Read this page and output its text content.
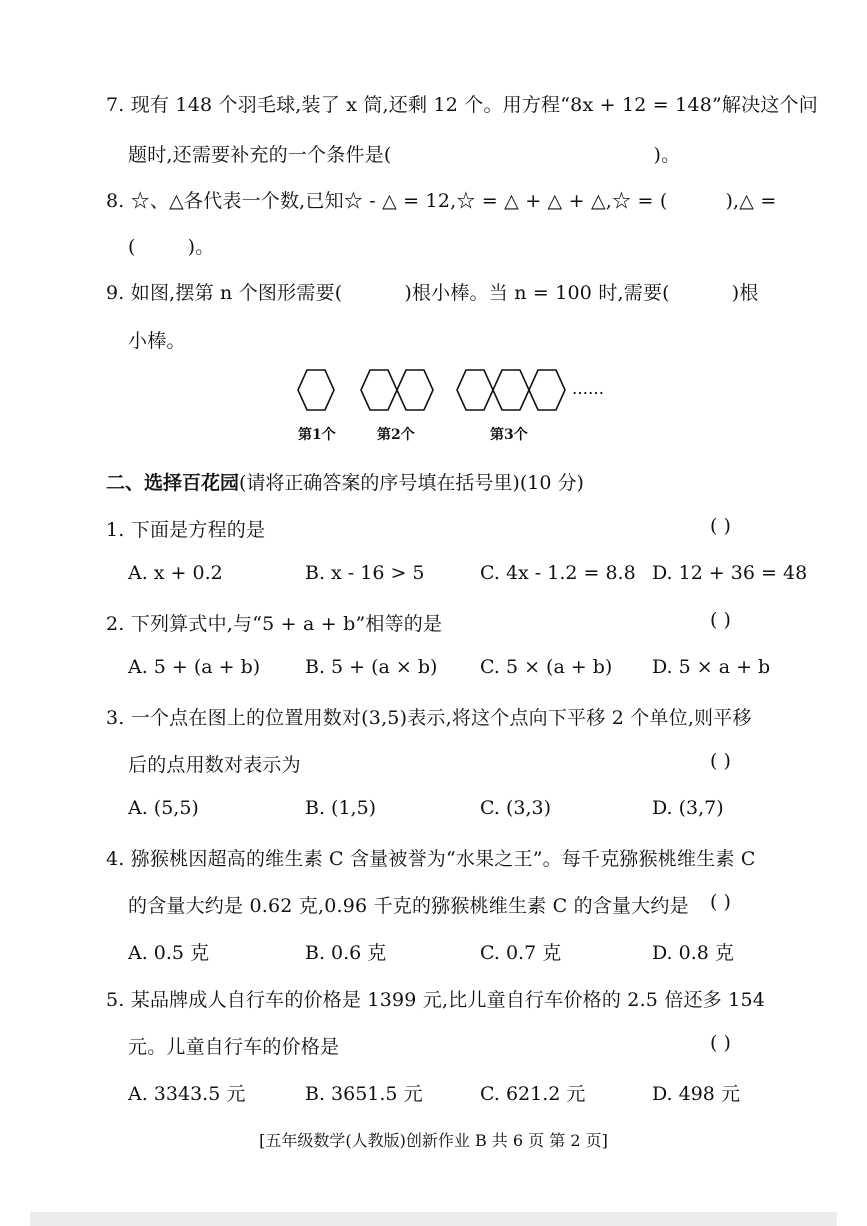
7. 现有 148 个羽毛球,装了 x 筒,还剩 12 个。用方程“8x + 12 = 148”解决这个问
题时,还需要补充的一个条件是(	)。
8. ☆、△各代表一个数,已知☆ - △ = 12,☆ = △ + △ + △,☆ = (	),△ =
(	)。
9. 如图,摆第 n 个图形需要(	)根小棒。当 n = 100 时,需要(	)根
小棒。
……
第1个	第2个	第3个
二、选择百花园(请将正确答案的序号填在括号里)(10 分)
1. 下面是方程的是	( )
A. x + 0.2	B. x - 16 > 5	C. 4x - 1.2 = 8.8 D. 12 + 36 = 48
2. 下列算式中,与“5 + a + b”相等的是	( )
A. 5 + (a + b) B. 5 + (a × b) C. 5 × (a + b) D. 5 × a + b
3. 一个点在图上的位置用数对(3,5)表示,将这个点向下平移 2 个单位,则平移
后的点用数对表示为	( )
A. (5,5)	B. (1,5)	C. (3,3)	D. (3,7)
4. 猕猴桃因超高的维生素 C 含量被誉为“水果之王”。每千克猕猴桃维生素 C
的含量大约是 0.62 克,0.96 千克的猕猴桃维生素 C 的含量大约是 ( )
A. 0.5 克	B. 0.6 克	C. 0.7 克	D. 0.8 克
5. 某品牌成人自行车的价格是 1399 元,比儿童自行车价格的 2.5 倍还多 154
元。儿童自行车的价格是	( )
A. 3343.5 元	B. 3651.5 元	C. 621.2 元	D. 498 元
[五年级数学(人教版)创新作业 B 共 6 页 第 2 页]
